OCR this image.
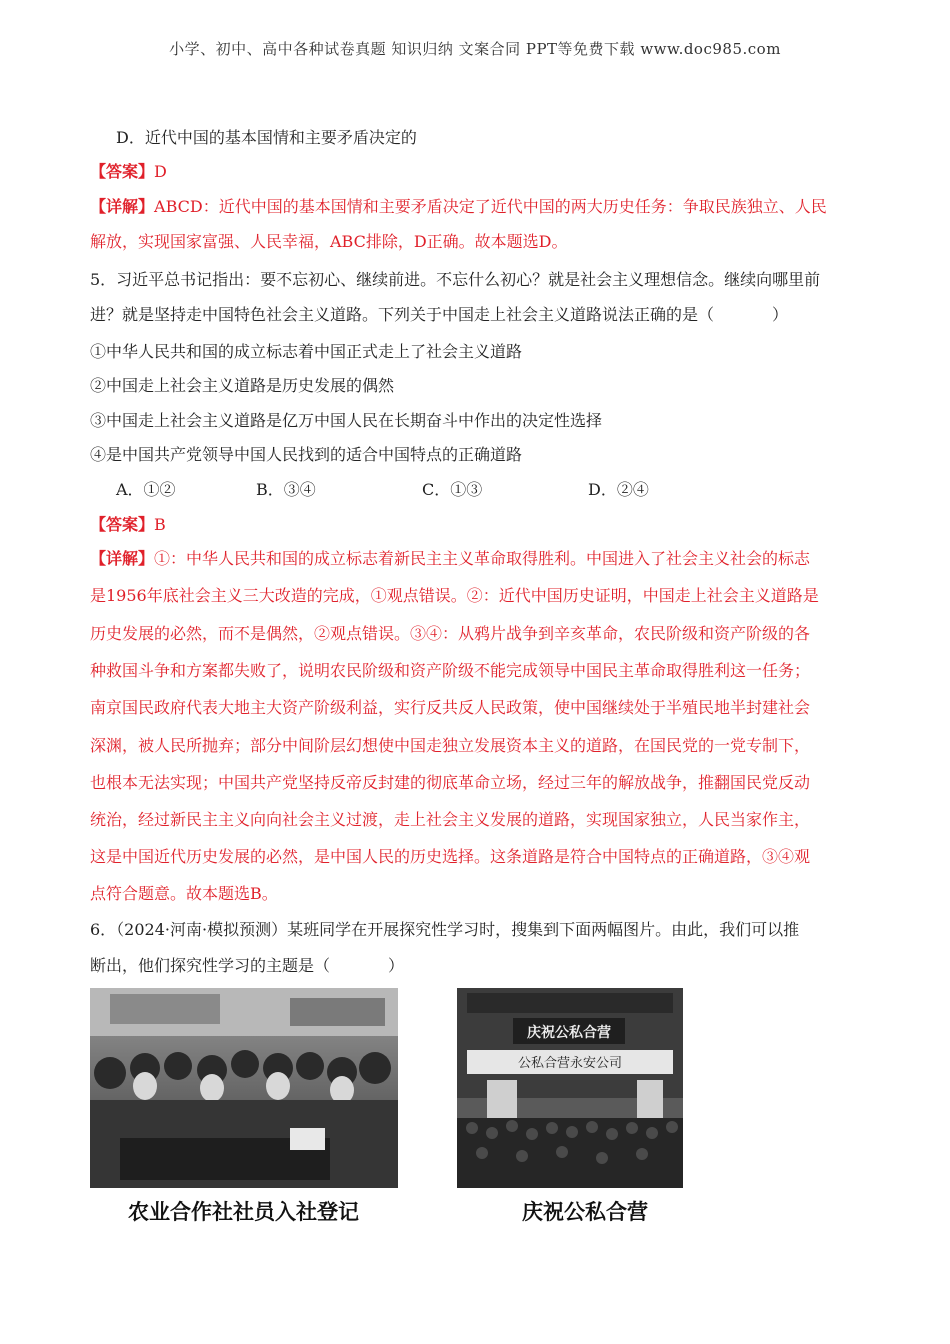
小学、初中、高中各种试卷真题 知识归纳 文案合同 PPT等免费下载 www.doc985.com
D．近代中国的基本国情和主要矛盾决定的
【答案】D
【详解】ABCD：近代中国的基本国情和主要矛盾决定了近代中国的两大历史任务：争取民族独立、人民
解放，实现国家富强、人民幸福，ABC排除，D正确。故本题选D。
5．习近平总书记指出：要不忘初心、继续前进。不忘什么初心？就是社会主义理想信念。继续向哪里前
进？就是坚持走中国特色社会主义道路。下列关于中国走上社会主义道路说法正确的是（	）
①中华人民共和国的成立标志着中国正式走上了社会主义道路
②中国走上社会主义道路是历史发展的偶然
③中国走上社会主义道路是亿万中国人民在长期奋斗中作出的决定性选择
④是中国共产党领导中国人民找到的适合中国特点的正确道路
A．①②	B．③④	C．①③	D．②④
【答案】B
【详解】①：中华人民共和国的成立标志着新民主主义革命取得胜利。中国进入了社会主义社会的标志
是1956年底社会主义三大改造的完成，①观点错误。②：近代中国历史证明，中国走上社会主义道路是
历史发展的必然，而不是偶然，②观点错误。③④：从鸦片战争到辛亥革命，农民阶级和资产阶级的各
种救国斗争和方案都失败了，说明农民阶级和资产阶级不能完成领导中国民主革命取得胜利这一任务；
南京国民政府代表大地主大资产阶级利益，实行反共反人民政策，使中国继续处于半殖民地半封建社会
深渊，被人民所抛弃；部分中间阶层幻想使中国走独立发展资本主义的道路，在国民党的一党专制下，
也根本无法实现；中国共产党坚持反帝反封建的彻底革命立场，经过三年的解放战争，推翻国民党反动
统治，经过新民主主义向向社会主义过渡，走上社会主义发展的道路，实现国家独立，人民当家作主，
这是中国近代历史发展的必然，是中国人民的历史选择。这条道路是符合中国特点的正确道路，③④观
点符合题意。故本题选B。
6．（2024·河南·模拟预测）某班同学在开展探究性学习时，搜集到下面两幅图片。由此，我们可以推
断出，他们探究性学习的主题是（	）
农业合作社社员入社登记
庆祝公私合营
公私合营永安公司
庆祝公私合营
